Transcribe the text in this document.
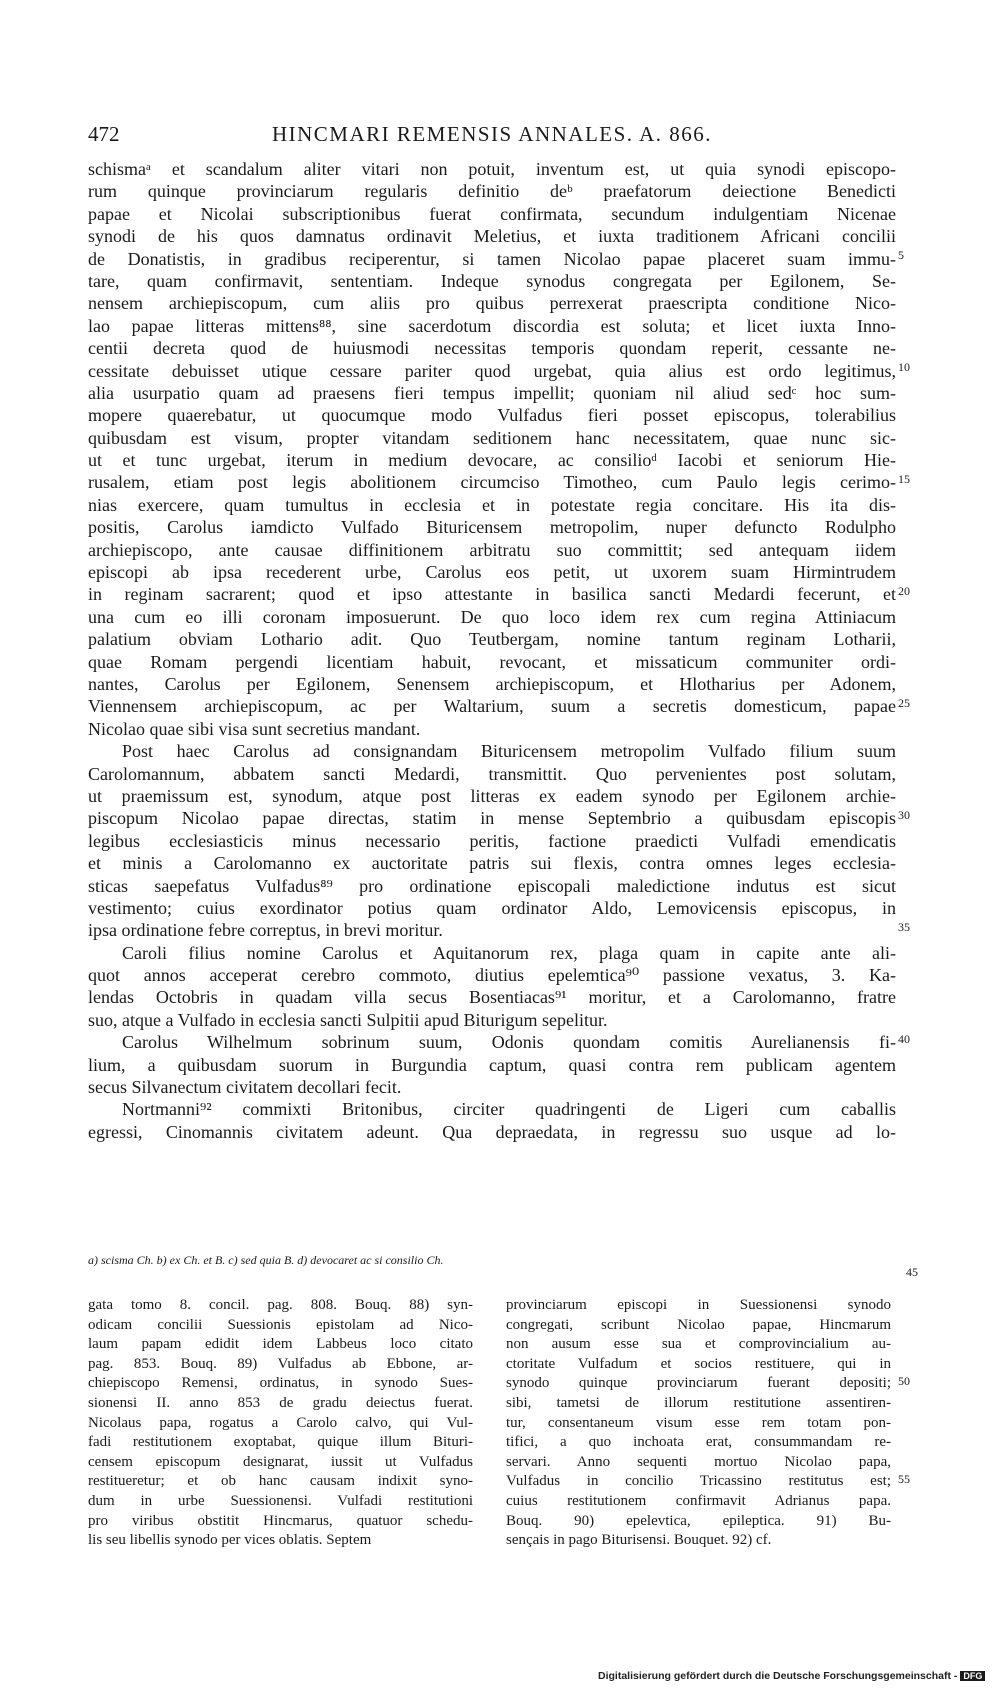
472	HINCMARI REMENSIS ANNALES. A. 866.
schismaᵃ et scandalum aliter vitari non potuit, inventum est, ut quia synodi episcopo-
rum quinque provinciarum regularis definitio deᵇ praefatorum deiectione Benedicti
papae et Nicolai subscriptionibus fuerat confirmata, secundum indulgentiam Nicenae
synodi de his quos damnatus ordinavit Meletius, et iuxta traditionem Africani concilii
de Donatistis, in gradibus reciperentur, si tamen Nicolao papae placeret suam immu- 5
tare, quam confirmavit, sententiam. Indeque synodus congregata per Egilonem, Se-
nensem archiepiscopum, cum aliis pro quibus perrexerat praescripta conditione Nico-
lao papae litteras mittens⁸⁸, sine sacerdotum discordia est soluta; et licet iuxta Inno-
centii decreta quod de huiusmodi necessitas temporis quondam reperit, cessante ne-
cessitate debuisset utique cessare pariter quod urgebat, quia alius est ordo legitimus, 10
alia usurpatio quam ad praesens fieri tempus impellit; quoniam nil aliud sedᶜ hoc sum-
mopere quaerebatur, ut quocumque modo Vulfadus fieri posset episcopus, tolerabilius
quibusdam est visum, propter vitandam seditionem hanc necessitatem, quae nunc sic-
ut et tunc urgebat, iterum in medium devocare, ac consilioᵈ Iacobi et seniorum Hie-
rusalem, etiam post legis abolitionem circumciso Timotheo, cum Paulo legis cerimo- 15
nias exercere, quam tumultus in ecclesia et in potestate regia concitare. His ita dis-
positis, Carolus iamdicto Vulfado Bituricensem metropolim, nuper defuncto Rodulpho
archiepiscopo, ante causae diffinitionem arbitratu suo committit; sed antequam iidem
episcopi ab ipsa recederent urbe, Carolus eos petit, ut uxorem suam Hirmintrudem
in reginam sacrarent; quod et ipso attestante in basilica sancti Medardi fecerunt, et 20
una cum eo illi coronam imposuerunt. De quo loco idem rex cum regina Attiniacum
palatium obviam Lothario adit. Quo Teutbergam, nomine tantum reginam Lotharii,
quae Romam pergendi licentiam habuit, revocant, et missaticum communiter ordi-
nantes, Carolus per Egilonem, Senensem archiepiscopum, et Hlotharius per Adonem,
Viennensem archiepiscopum, ac per Waltarium, suum a secretis domesticum, papae 25
Nicolao quae sibi visa sunt secretius mandant.
Post haec Carolus ad consignandam Bituricensem metropolim Vulfado filium suum
Carolomannum, abbatem sancti Medardi, transmittit. Quo pervenientes post solutam,
ut praemissum est, synodum, atque post litteras ex eadem synodo per Egilonem archie-
piscopum Nicolao papae directas, statim in mense Septembrio a quibusdam episcopis 30
legibus ecclesiasticis minus necessario peritis, factione praedicti Vulfadi emendicatis
et minis a Carolomanno ex auctoritate patris sui flexis, contra omnes leges ecclesia-
sticas saepefatus Vulfadus⁸⁹ pro ordinatione episcopali maledictione indutus est sicut
vestimento; cuius exordinator potius quam ordinator Aldo, Lemovicensis episcopus, in
ipsa ordinatione febre correptus, in brevi moritur.	35
Caroli filius nomine Carolus et Aquitanorum rex, plaga quam in capite ante ali-
quot annos acceperat cerebro commoto, diutius epelemtica⁹⁰ passione vexatus, 3. Ka-
lendas Octobris in quadam villa secus Bosentiacas⁹¹ moritur, et a Carolomanno, fratre
suo, atque a Vulfado in ecclesia sancti Sulpitii apud Biturigum sepelitur.
Carolus Wilhelmum sobrinum suum, Odonis quondam comitis Aurelianensis fi- 40
lium, a quibusdam suorum in Burgundia captum, quasi contra rem publicam agentem
secus Silvanectum civitatem decollari fecit.
Nortmanni⁹² commixti Britonibus, circiter quadringenti de Ligeri cum caballis
egressi, Cinomannis civitatem adeunt. Qua depraedata, in regressu suo usque ad lo-
a) scisma Ch. b) ex Ch. et B. c) sed quia B. d) devocaret ac si consilio Ch.
45
gata tomo 8. concil. pag. 808. Bouq. 88) syn-
odicam concilii Suessionis epistolam ad Nico-
laum papam edidit idem Labbeus loco citato
pag. 853. Bouq. 89) Vulfadus ab Ebbone, ar-
chiepiscopo Remensi, ordinatus, in synodo Sues-
sionensi II. anno 853 de gradu deiectus fuerat.
Nicolaus papa, rogatus a Carolo calvo, qui Vul-
fadi restitutionem exoptabat, quique illum Bituri-
censem episcopum designarat, iussit ut Vulfadus
restitueretur; et ob hanc causam indixit syno-
dum in urbe Suessionensi. Vulfadi restitutioni
pro viribus obstitit Hincmarus, quatuor schedu-
lis seu libellis synodo per vices oblatis. Septem
provinciarum episcopi in Suessionensi synodo
congregati, scribunt Nicolao papae, Hincmarum
non ausum esse sua et comprovincialium au-
ctoritate Vulfadum et socios restituere, qui in
synodo quinque provinciarum fuerant depositi;
sibi, tametsi de illorum restitutione assentiren-
tur, consentaneum visum esse rem totam pon-
tifici, a quo inchoata erat, consummandam re-
servari. Anno sequenti mortuo Nicolao papa,
Vulfadus in concilio Tricassino restitutus est;
cuius restitutionem confirmavit Adrianus papa.
Bouq. 90) epelevtica, epileptica. 91) Bu-
sençais in pago Biturisensi. Bouquet. 92) cf.
50
55
Digitalisierung gefördert durch die Deutsche Forschungsgemeinschaft - DFG
